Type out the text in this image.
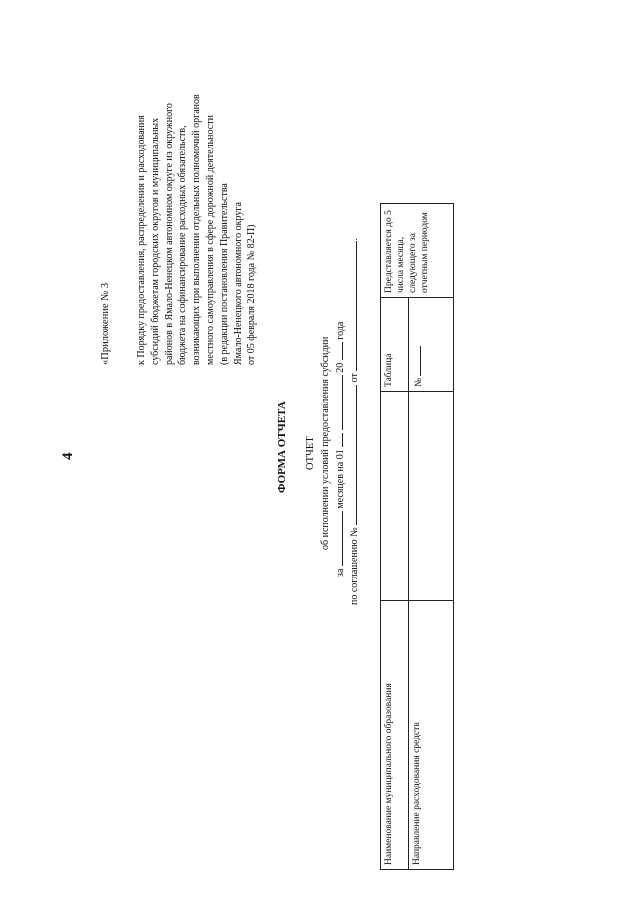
4
«Приложение № 3	к Порядку предоставления, распределения и расходования субсидий бюджетам городских округов и муниципальных районов в Ямало-Ненецком автономном округе из окружного бюджета на софинансирование расходных обязательств, возникающих при выполнении отдельных полномочий органов местного самоуправления в сфере дорожной деятельности (в редакции постановления Правительства Ямало-Ненецкого автономного округа от 05 февраля 2018 года № 82-П)
ФОРМА ОТЧЕТА ОТЧЕТ об исполнении условий предоставления субсидии
за  месяцев на 01   20  года
по соглашению №  от .
Наименование муниципального образования		Таблица	Представляется до 5 числа месяца, следующего за отчетным периодом
Направление расходования средств		№	
